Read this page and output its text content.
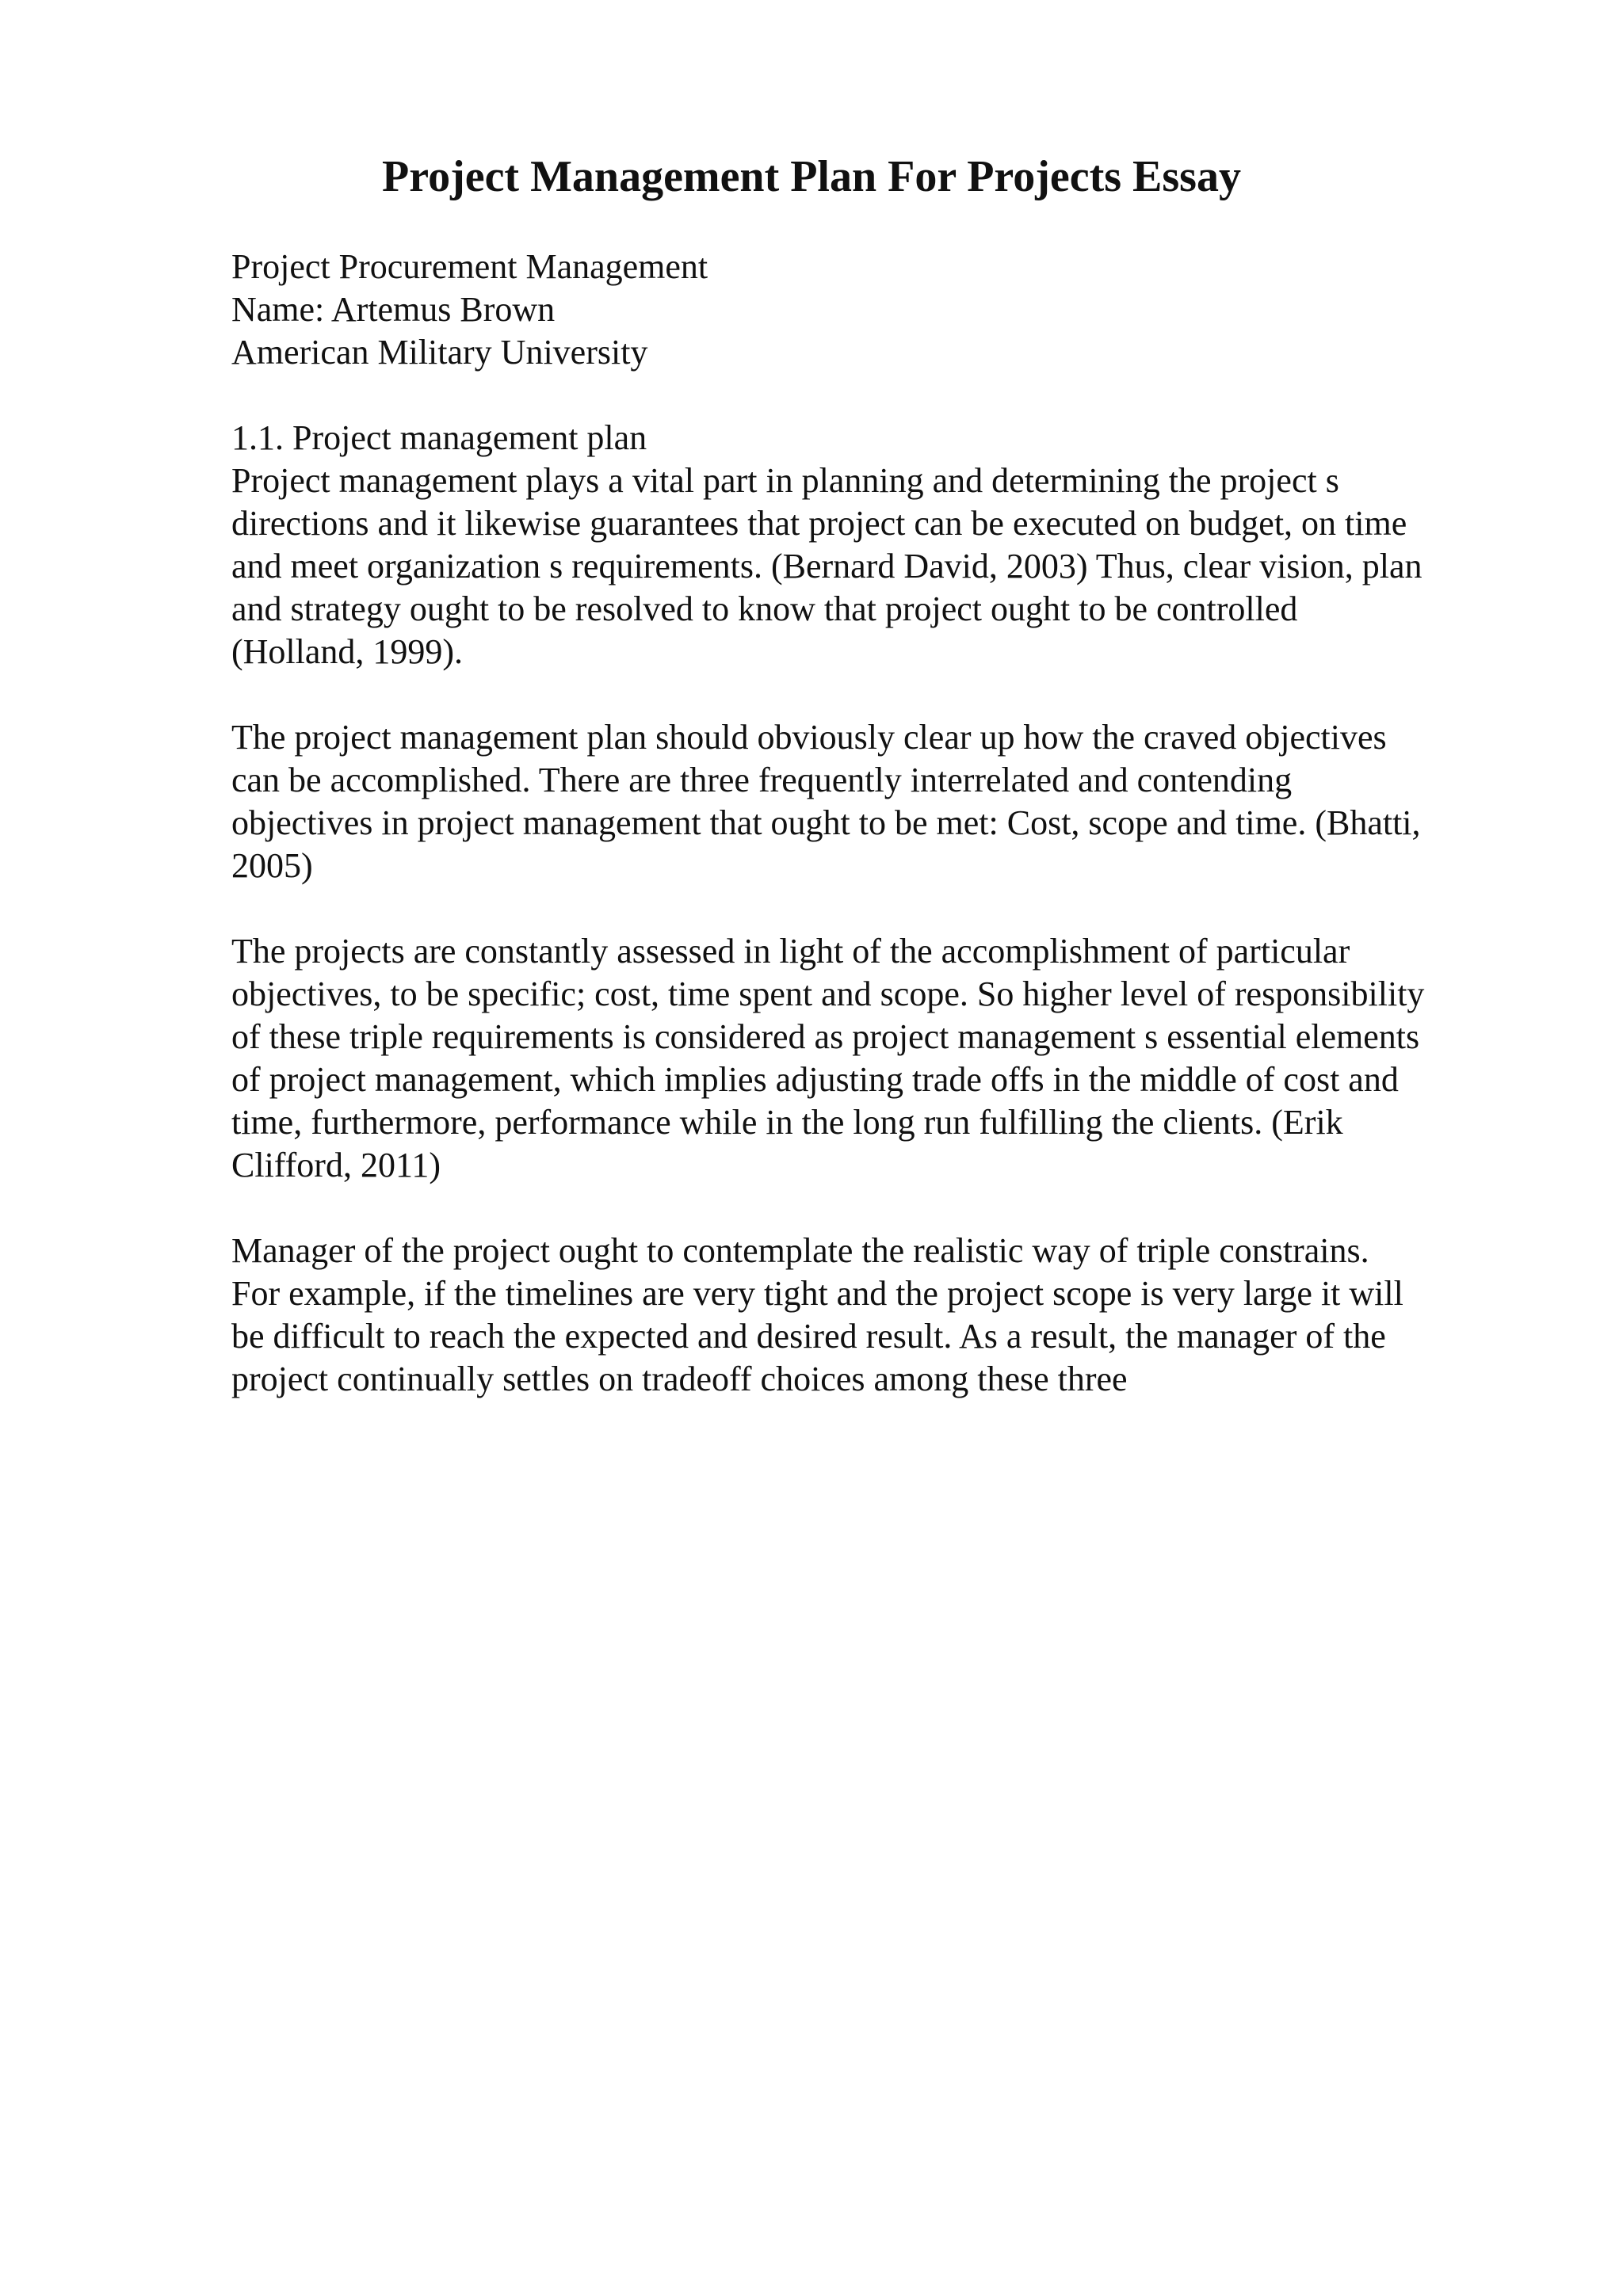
Project Management Plan For Projects Essay
Project Procurement Management
Name: Artemus Brown
American Military University
1.1. Project management plan
Project management plays a vital part in planning and determining the project s
directions and it likewise guarantees that project can be executed on budget, on time
and meet organization s requirements. (Bernard David, 2003) Thus, clear vision, plan
and strategy ought to be resolved to know that project ought to be controlled
(Holland, 1999).
The project management plan should obviously clear up how the craved objectives
can be accomplished. There are three frequently interrelated and contending
objectives in project management that ought to be met: Cost, scope and time. (Bhatti,
2005)
The projects are constantly assessed in light of the accomplishment of particular
objectives, to be specific; cost, time spent and scope. So higher level of responsibility
of these triple requirements is considered as project management s essential elements
of project management, which implies adjusting trade offs in the middle of cost and
time, furthermore, performance while in the long run fulfilling the clients. (Erik
Clifford, 2011)
Manager of the project ought to contemplate the realistic way of triple constrains.
For example, if the timelines are very tight and the project scope is very large it will
be difficult to reach the expected and desired result. As a result, the manager of the
project continually settles on tradeoff choices among these three
